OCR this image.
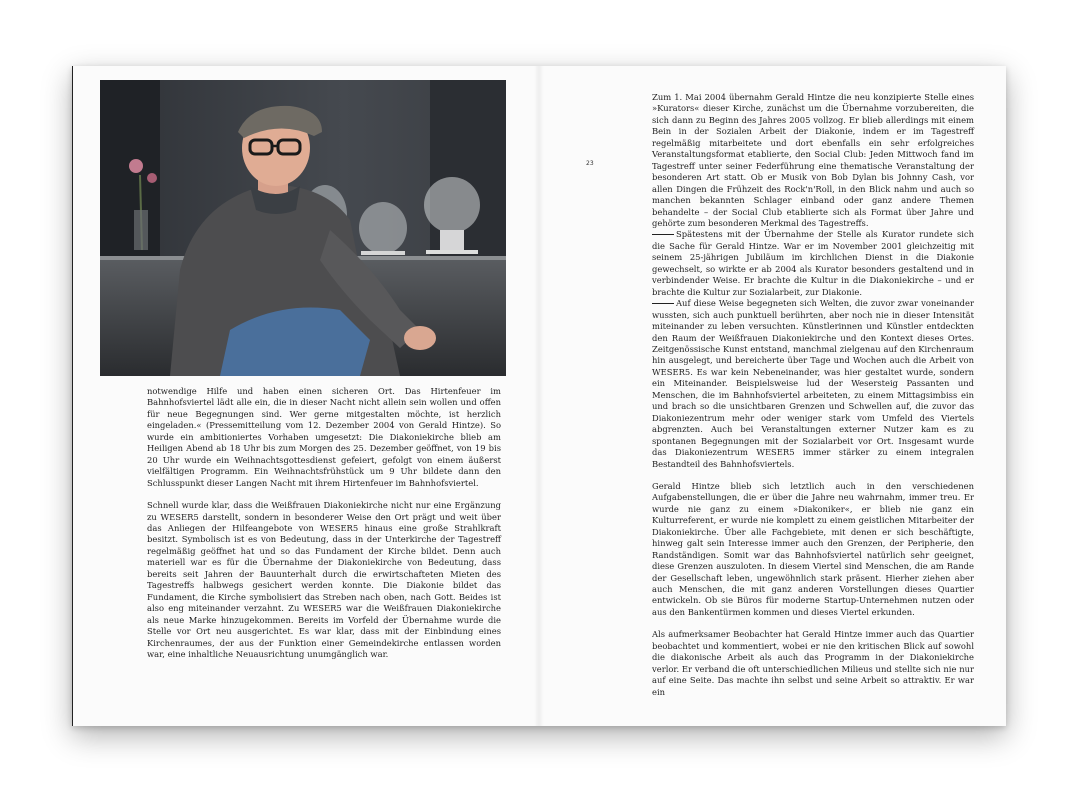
notwendige Hilfe und haben einen sicheren Ort. Das Hirtenfeuer im Bahnhofsviertel lädt alle ein, die in dieser Nacht nicht allein sein wollen und offen für neue Begegnungen sind. Wer gerne mitgestalten möchte, ist herzlich eingeladen.« (Pressemitteilung vom 12. Dezember 2004 von Gerald Hintze). So wurde ein ambitioniertes Vorhaben umgesetzt: Die Diakoniekirche blieb am Heiligen Abend ab 18 Uhr bis zum Morgen des 25. Dezember geöffnet, von 19 bis 20 Uhr wurde ein Weihnachtsgottesdienst gefeiert, gefolgt von einem äußerst vielfältigen Programm. Ein Weihnachtsfrühstück um 9 Uhr bildete dann den Schlusspunkt dieser Langen Nacht mit ihrem Hirtenfeuer im Bahnhofsviertel.

Schnell wurde klar, dass die Weißfrauen Diakoniekirche nicht nur eine Ergänzung zu WESER5 darstellt, sondern in besonderer Weise den Ort prägt und weit über das Anliegen der Hilfeangebote von WESER5 hinaus eine große Strahlkraft besitzt. Symbolisch ist es von Bedeutung, dass in der Unterkirche der Tagestreff regelmäßig geöffnet hat und so das Fundament der Kirche bildet. Denn auch materiell war es für die Übernahme der Diakoniekirche von Bedeutung, dass bereits seit Jahren der Bauunterhalt durch die erwirtschafteten Mieten des Tagestreffs halbwegs gesichert werden konnte. Die Diakonie bildet das Fundament, die Kirche symbolisiert das Streben nach oben, nach Gott. Beides ist also eng miteinander verzahnt. Zu WESER5 war die Weißfrauen Diakoniekirche als neue Marke hinzugekommen. Bereits im Vorfeld der Übernahme wurde die Stelle vor Ort neu ausgerichtet. Es war klar, dass mit der Einbindung eines Kirchenraumes, der aus der Funktion einer Gemeindekirche entlassen worden war, eine inhaltliche Neuausrichtung unumgänglich war.

23

Zum 1. Mai 2004 übernahm Gerald Hintze die neu konzipierte Stelle eines »Kurators« dieser Kirche, zunächst um die Übernahme vorzubereiten, die sich dann zu Beginn des Jahres 2005 vollzog. Er blieb allerdings mit einem Bein in der Sozialen Arbeit der Diakonie, indem er im Tagestreff regelmäßig mitarbeitete und dort ebenfalls ein sehr erfolgreiches Veranstaltungsformat etablierte, den Social Club: Jeden Mittwoch fand im Tagestreff unter seiner Federführung eine thematische Veranstaltung der besonderen Art statt. Ob er Musik von Bob Dylan bis Johnny Cash, vor allen Dingen die Frühzeit des Rock'n'Roll, in den Blick nahm und auch so manchen bekannten Schlager einband oder ganz andere Themen behandelte – der Social Club etablierte sich als Format über Jahre und gehörte zum besonderen Merkmal des Tagestreffs.

Spätestens mit der Übernahme der Stelle als Kurator rundete sich die Sache für Gerald Hintze. War er im November 2001 gleichzeitig mit seinem 25-jährigen Jubiläum im kirchlichen Dienst in die Diakonie gewechselt, so wirkte er ab 2004 als Kurator besonders gestaltend und in verbindender Weise. Er brachte die Kultur in die Diakoniekirche – und er brachte die Kultur zur Sozialarbeit, zur Diakonie.

Auf diese Weise begegneten sich Welten, die zuvor zwar voneinander wussten, sich auch punktuell berührten, aber noch nie in dieser Intensität miteinander zu leben versuchten. Künstlerinnen und Künstler entdeckten den Raum der Weißfrauen Diakoniekirche und den Kontext dieses Ortes. Zeitgenössische Kunst entstand, manchmal zielgenau auf den Kirchenraum hin ausgelegt, und bereicherte über Tage und Wochen auch die Arbeit von WESER5. Es war kein Nebeneinander, was hier gestaltet wurde, sondern ein Miteinander. Beispielsweise lud der Wesersteig Passanten und Menschen, die im Bahnhofsviertel arbeiteten, zu einem Mittagsimbiss ein und brach so die unsichtbaren Grenzen und Schwellen auf, die zuvor das Diakoniezentrum mehr oder weniger stark vom Umfeld des Viertels abgrenzten. Auch bei Veranstaltungen externer Nutzer kam es zu spontanen Begegnungen mit der Sozialarbeit vor Ort. Insgesamt wurde das Diakoniezentrum WESER5 immer stärker zu einem integralen Bestandteil des Bahnhofsviertels.

Gerald Hintze blieb sich letztlich auch in den verschiedenen Aufgabenstellungen, die er über die Jahre neu wahrnahm, immer treu. Er wurde nie ganz zu einem »Diakoniker«, er blieb nie ganz ein Kulturreferent, er wurde nie komplett zu einem geistlichen Mitarbeiter der Diakoniekirche. Über alle Fachgebiete, mit denen er sich beschäftigte, hinweg galt sein Interesse immer auch den Grenzen, der Peripherie, den Randständigen. Somit war das Bahnhofsviertel natürlich sehr geeignet, diese Grenzen auszuloten. In diesem Viertel sind Menschen, die am Rande der Gesellschaft leben, ungewöhnlich stark präsent. Hierher ziehen aber auch Menschen, die mit ganz anderen Vorstellungen dieses Quartier entwickeln. Ob sie Büros für moderne Startup-Unternehmen nutzen oder aus den Bankentürmen kommen und dieses Viertel erkunden.

Als aufmerksamer Beobachter hat Gerald Hintze immer auch das Quartier beobachtet und kommentiert, wobei er nie den kritischen Blick auf sowohl die diakonische Arbeit als auch das Programm in der Diakoniekirche verlor. Er verband die oft unterschiedlichen Milieus und stellte sich nie nur auf eine Seite. Das machte ihn selbst und seine Arbeit so attraktiv. Er war ein
